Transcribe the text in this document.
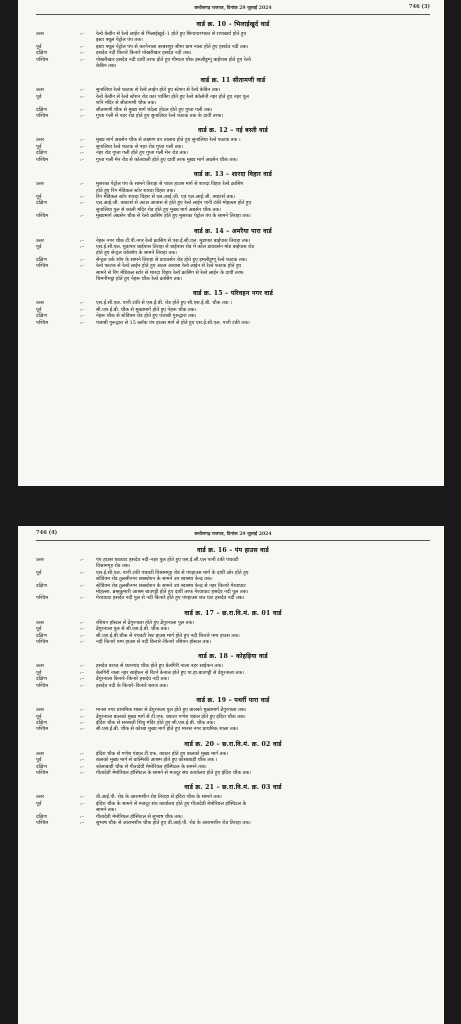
छत्तीसगढ़ राजपत्र, दिनांक 29 जुलाई 2024	746 (3)
वार्ड क्र. 10 – भिलाईखुर्द वार्ड
उत्तर	:–	रेल्वे केबीन से रेल्वे लाईन से भिलाईखुर्द–1 होते हुए छिन्दपारभाठा से रापाखर्रा होते हुए
इस्टा फ्यूल पेट्रोल पंप तक।
पूर्व	:–	इस्टा फ्यूल पेट्रोल पंप से करनेनाला बरबसपुर सीमा ग्राम नाला होते हुए हसदेव नदी तक।
दक्षिण	:–	हसदेव नदी किनारे किनारे पोखरीखार हसदेव नदी तक।
पश्चिम	:–	पोखरीखार हसदेव नदी दायीं तरफ होते हुए गौमाता चौक इमलीडुग्गू बाईपास होते हुए रेल्वे
केबिन तक।
वार्ड क्र. 11 सीतामणी वार्ड
उत्तर	:–	सुनालिया रेल्वे फाटक से रेल्वे लाईन होते हुए स्टेशन से रेल्वे केबिन तक।
पूर्व	:–	रेल्वे केबीन से रेल्वे स्टेशन रोड कार पार्किंग होते हुए रेल्वे कॉलोनी नहर होते हुए नहर पुल
शनि मंदिर से सीतामणी चौक तक।
दक्षिण	:–	सीतामणी चौक से मुख्य मार्ग चंदेला होटल होते हुए गुप्ता गली तक।
पश्चिम	:–	गुप्ता गली से नहर रोड होते हुए सुनालिया रेल्वे फाटक तक के दायीं तरफ।
वार्ड क्र. 12 – नई बस्ती वार्ड
उत्तर	:–	मुख्य मार्ग अग्रसेन चौक से लक्ष्मण वन तालाब होते हुए सुनालिया रेल्वे फाटक तक ।
पूर्व	:–	सुनालिया रेल्वे फाटक से नहर रोड गुप्ता गली तक।
दक्षिण	:–	नहर रोड गुप्ता गली होते हुए गुप्ता गली मेन रोड तक।
पश्चिम	:–	गुप्ता गली मेन रोड से कोतवाली होते हुए दायीं तरफ मुख्य मार्ग अग्रसेन चौक तक।
वार्ड क्र. 13 – शारदा विहार वार्ड
उत्तर	:–	मुसरका पेट्रोल पंप के सामने तिराहा से पावर हाउस मार्ग से शारदा विहार रेल्वे क्रासिंग
होते हुए रिंग मेडिकल स्टोर शारदा विहार तक।
पूर्व	:–	रिंग मेडिकल स्टोर शारदा विहार से एल.आई.जी. एवं एल.आई.जी. क्वाटर्स तक।
दक्षिण	:–	एल.आई.जी. क्वाटर्स से अटल आवास से होते हुए रेल्वे लाईन पानी टंकी मोहल्ला होते हुए
सुनालिया पुल से काली मंदिर रोड होते हुए मुख्य मार्ग अग्रसेन चौक तक।
पश्चिम	:–	मुख्यमार्ग अग्रसेन चौक से रेल्वे क्रासिंग होते हुए मुसरका पेट्रोल पंप के सामने तिराहा तक।
वार्ड क्र. 14 – अमरैया पारा वार्ड
उत्तर	:–	नेहरू नगर चौक टी.पी.नगर रेल्वे क्रासिंग से एस.ई.सी.एल. मुडापार बाईपास तिराहा तक।
पूर्व	:–	एस.ई.सी.एल. मुडापार बाईपास तिराहा से बाईपास रोड में कोल डायवर्सन मोड बाईपास रोड
होते हुए सेन्ट्रल वर्कशॉप के सामने तिराहा तक।
दक्षिण	:–	सेन्ट्रल वर्क शॉप के सामने तिराहा से डायवर्सन रोड होते हुए इमलीडुग्गू रेल्वे फाटक तक।
पश्चिम	:–	रेल्वे फाटक से रेल्वे लाईन होते हुए अटल आवास रेल्वे लाईन से रेल्वे फाटक होते हुए
सामने से रिंग मेडिकल स्टोर से शारदा विहार रेल्वे क्रासिंग से रेल्वे लाईन के दायीं तरफ
चिमनीभट्ठा होते हुए नेहरू चौक रेल्वे क्रासिंग तक।
वार्ड क्र. 15 – परिवहन नगर वार्ड
उत्तर	:–	एस.ई.सी.एल. पानी टंकी से एस.ई.बी. रोड होते हुए सी.एस.ई.बी. चौक तक ।
पूर्व	:–	सी.एस.ई.बी. चौक से मुख्यमार्ग होते हुए नेहरू चौक तक।
दक्षिण	:–	नेहरू चौक से स्टेडियम रोड होते हुए पंजाबी गुरूद्वारा तक।
पश्चिम	:–	पंजाबी गुरूद्वारा से 15 ब्लॉक पंप हाउस मार्ग से होते हुए एस.ई.सी.एल. पानी टंकी तक।
746 (4)	छत्तीसगढ़ राजपत्र, दिनांक 29 जुलाई 2024
वार्ड क्र. 16 – पंप हाउस वार्ड
उत्तर	:–	पंप हाउस छठघाट हसदेव नदी–नहर पुल होते हुए एस.ई.सी.एल पानी टंकी पंचवटी
विश्रामगृह रोड तक।
पूर्व	:–	एस.ई.सी.एल. पानी टंकी पंचवटी विश्रामगृह रोड से पंपहाउस मार्ग के दायीं ओर होते हुए
स्टेडियम रोड तुलसीनगर सबस्टेशन के सामने उप स्वास्थ्य केन्द्र तक।
दक्षिण	:–	स्टेडियम रोड तुलसीनगर सबस्टेशन के सामने उप स्वास्थ्य केन्द्र से नहर किनारे गेरवाघाट
मोहल्ला, ब्रम्हकुमारी आश्रम बाउण्ड्री होते हुए दायीं तरफ गेरवाघाट हसदेव नदी पुल तक।
पश्चिम	:–	गेरवाघाट हसदेव नदी पुल से नदी किनारे होते हुए पंपहाउस छठ घाट हसदेव नदी तक।
वार्ड क्र. 17 – छ.रा.वि.मं. क्र. 01 वार्ड
उत्तर	:–	रसियन हॉस्टल से ढेंगुरनाला होते हुए ढेंगुरनाला पुल तक।
पूर्व	:–	ढेंगुरनाला पुल से सी.एस.ई.बी. चौक तक।
दक्षिण	:–	सी.एस.ई.बी.चौक से पंचवटी रेस्ट हाउस मार्ग होते हुए नदी किनारे पम्प हाउस तक।
पश्चिम	:–	नदी किनारे पम्प हाउस से नदी किनारे–किनारे रसियन हॉस्टल तक।
वार्ड क्र. 18 – कोहड़िया वार्ड
उत्तर	:–	हसदेव बराज से ध्यानचंद चौक होते हुए बेलगिरी नाला नहर साईफन तक।
पूर्व	:–	बेलगिरी नाला नहर साईफन से रिंटर्न केनाल होते हुए पा.हा.बाउण्ड्री से ढेंगुरनाला तक।
दक्षिण	:–	ढेंगुरनाला किनारे–किनारे हसदेव नदी तक।
पश्चिम	:–	हसदेव नदी के किनारे–किनारे बराज तक।
वार्ड क्र. 19 – पथर्री पारा वार्ड
उत्तर	:–	मानस नगर प्राथमिक शाला से ढेंगुरनाला पुल होते हुए बालको मुख्यमार्ग ढेंगुरनाला तक।
पूर्व	:–	ढेंगुरनाला बालको मुख्य मार्ग से टी.एफ. क्वाटर गणेश पंडाल होते हुए इंदिरा चौक तक।
दक्षिण	:–	इंदिरा चौक से सरस्वती शिशु मंदिर होते हुए सी.एस.ई.बी. चौक तक।
पश्चिम	:–	सी.एस.ई.बी. चौक से कोरबा मुख्य मार्ग होते हुए मानस नगर प्राथमिक शाला तक।
वार्ड क्र. 20 – छ.रा.वि.मं. क्र. 02 वार्ड
उत्तर	:–	इंदिरा चौक से गणेश पंडाल टी.एफ. क्वाटर होते हुए बालको मुख्य मार्ग तक।
पूर्व	:–	बालको मुख्य मार्ग से वाल्मिकी आश्रम होते हुए कोसाबाड़ी चौक तक ।
दक्षिण	:–	कोसाबाड़ी चौक से गीतादेवी मेमोरियल हॉस्पिटल के सामने तक।
पश्चिम	:–	गीतादेवी मेमोरियल हॉस्पिटल के सामने से मजदूर संघ कार्यालय होते हुए इंदिरा चौक तक।
वार्ड क्र. 21 – छ.रा.वि.मं. क्र. 03 वार्ड
उत्तर	:–	वी.आई.पी. रोड के आरामशीन रोड तिराहा से इंदिरा चौक के सामने तक।
पूर्व	:–	इंदिरा चौक के सामने से मजदूर संघ कार्यालय होते हुए गीतादेवी मेमोरियल हॉस्पिटल के
सामने तक।
दक्षिण	:–	गीतादेवी मेमोरियल हॉस्पिटल से सुभाष चौक तक।
पश्चिम	:–	सुभाष चौक से आरामशीन चौक होते हुए वी.आई.पी. रोड के आरामशीन रोड तिराहा तक।
